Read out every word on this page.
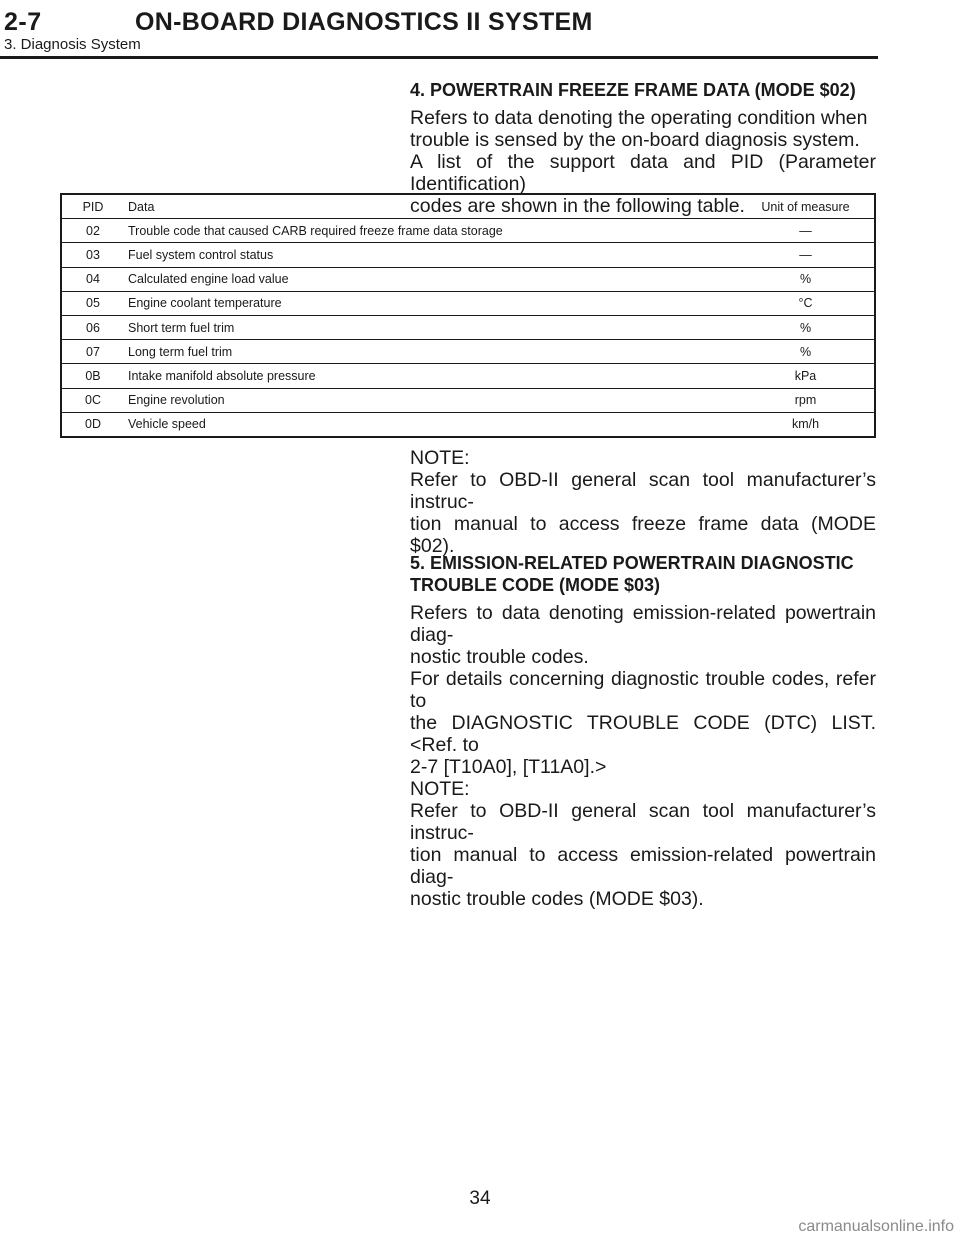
2-7	ON-BOARD DIAGNOSTICS II SYSTEM
3. Diagnosis System
4. POWERTRAIN FREEZE FRAME DATA (MODE $02)
Refers to data denoting the operating condition when
trouble is sensed by the on-board diagnosis system.
A list of the support data and PID (Parameter Identification)
codes are shown in the following table.
PID	Data	Unit of measure
02	Trouble code that caused CARB required freeze frame data storage	—
03	Fuel system control status	—
04	Calculated engine load value	%
05	Engine coolant temperature	°C
06	Short term fuel trim	%
07	Long term fuel trim	%
0B	Intake manifold absolute pressure	kPa
0C	Engine revolution	rpm
0D	Vehicle speed	km/h
NOTE:
Refer to OBD-II general scan tool manufacturer’s instruc-
tion manual to access freeze frame data (MODE $02).
5. EMISSION-RELATED POWERTRAIN DIAGNOSTIC
TROUBLE CODE (MODE $03)
Refers to data denoting emission-related powertrain diag-
nostic trouble codes.
For details concerning diagnostic trouble codes, refer to
the DIAGNOSTIC TROUBLE CODE (DTC) LIST. <Ref. to
2-7 [T10A0], [T11A0].>
NOTE:
Refer to OBD-II general scan tool manufacturer’s instruc-
tion manual to access emission-related powertrain diag-
nostic trouble codes (MODE $03).
34
carmanualsonline.info
